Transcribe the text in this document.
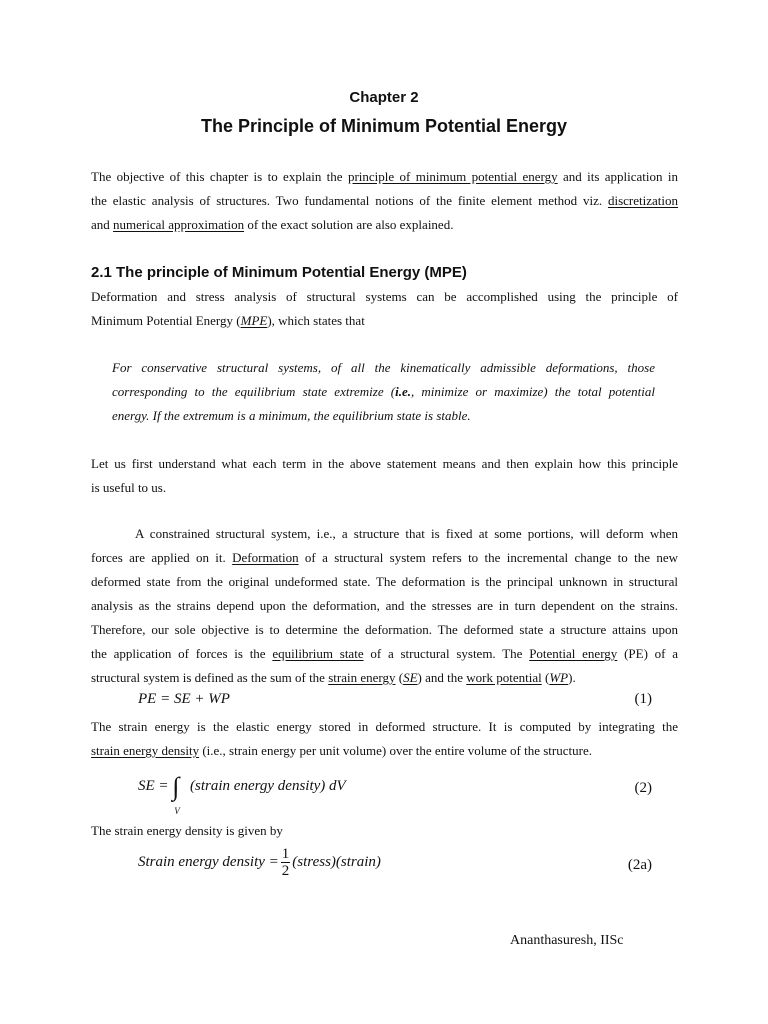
Chapter 2
The Principle of Minimum Potential Energy
The objective of this chapter is to explain the principle of minimum potential energy and its application in
the elastic analysis of structures. Two fundamental notions of the finite element method viz. discretization
and numerical approximation of the exact solution are also explained.
2.1 The principle of Minimum Potential Energy (MPE)
Deformation and stress analysis of structural systems can be accomplished using the principle of
Minimum Potential Energy (MPE), which states that
For conservative structural systems, of all the kinematically admissible deformations, those
corresponding to the equilibrium state extremize (i.e., minimize or maximize) the total potential
energy. If the extremum is a minimum, the equilibrium state is stable.
Let us first understand what each term in the above statement means and then explain how this principle
is useful to us.
A constrained structural system, i.e., a structure that is fixed at some portions, will deform when
forces are applied on it. Deformation of a structural system refers to the incremental change to the new
deformed state from the original undeformed state. The deformation is the principal unknown in structural
analysis as the strains depend upon the deformation, and the stresses are in turn dependent on the strains.
Therefore, our sole objective is to determine the deformation. The deformed state a structure attains upon
the application of forces is the equilibrium state of a structural system. The Potential energy (PE) of a
structural system is defined as the sum of the strain energy (SE) and the work potential (WP).
PE = SE + WP	(1)
The strain energy is the elastic energy stored in deformed structure. It is computed by integrating the
strain energy density (i.e., strain energy per unit volume) over the entire volume of the structure.
SE = ∫
V
(strain energy density) dV	(2)
The strain energy density is given by
Strain energy density = $\frac{1}{2}$ (stress)(strain)	(2a)
Ananthasuresh, IISc
